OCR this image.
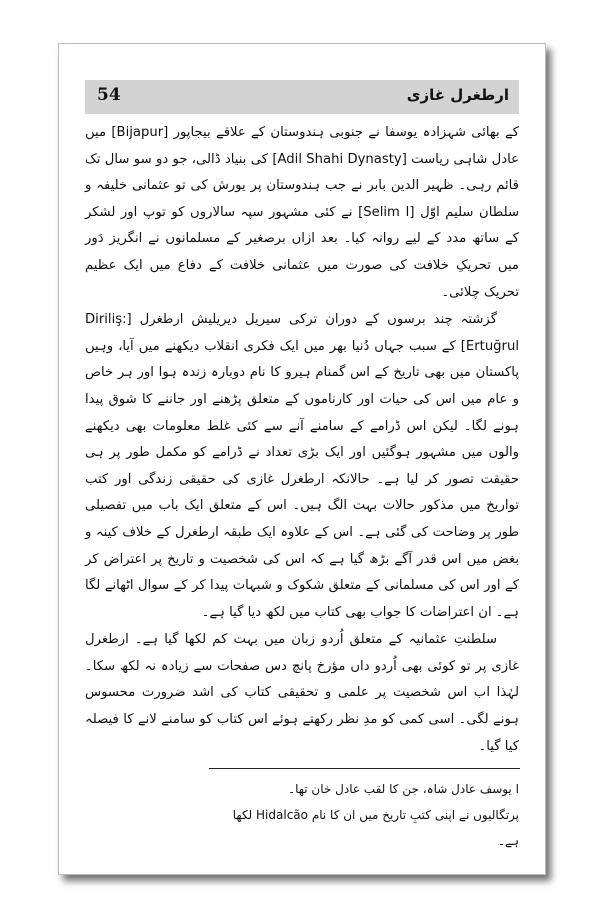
54	ارطغرل غازی

کے بھائی شہزادہ یوسفا نے جنوبی ہندوستان کے علاقے بیجاپور [Bijapur] میں عادل شاہی ریاست [Adil Shahi Dynasty] کی بنیاد ڈالی، جو دو سو سال تک قائم رہی۔ ظہیر الدین بابر نے جب ہندوستان پر یورش کی تو عثمانی خلیفہ و سلطان سلیم اوّل [Selim I] نے کئی مشہور سپہ سالاروں کو توپ اور لشکر کے ساتھ مدد کے لیے روانہ کیا۔ بعد ازاں برصغیر کے مسلمانوں نے انگریز دَور میں تحریکِ خلافت کی صورت میں عثمانی خلافت کے دفاع میں ایک عظیم تحریک چلائی۔

گزشتہ چند برسوں کے دوران ترکی سیریل دیریلیش ارطغرل [Diriliş: Ertuğrul] کے سبب جہاں دُنیا بھر میں ایک فکری انقلاب دیکھنے میں آیا، وہیں پاکستان میں بھی تاریخ کے اس گمنام ہیرو کا نام دوبارہ زندہ ہوا اور ہر خاص و عام میں اس کی حیات اور کارناموں کے متعلق پڑھنے اور جاننے کا شوق پیدا ہونے لگا۔ لیکن اس ڈرامے کے سامنے آنے سے کئی غلط معلومات بھی دیکھنے والوں میں مشہور ہوگئیں اور ایک بڑی تعداد نے ڈرامے کو مکمل طور پر ہی حقیقت تصور کر لیا ہے۔ حالانکہ ارطغرل غازی کی حقیقی زندگی اور کتب تواریخ میں مذکور حالات بہت الگ ہیں۔ اس کے متعلق ایک باب میں تفصیلی طور پر وضاحت کی گئی ہے۔ اس کے علاوہ ایک طبقہ ارطغرل کے خلاف کینہ و بغض میں اس قدر آگے بڑھ گیا ہے کہ اس کی شخصیت و تاریخ پر اعتراض کر کے اور اس کی مسلمانی کے متعلق شکوک و شبہات پیدا کر کے سوال اٹھانے لگا ہے۔ ان اعتراضات کا جواب بھی کتاب میں لکھ دیا گیا ہے۔

سلطنتِ عثمانیہ کے متعلق اُردو زبان میں بہت کم لکھا گیا ہے۔ ارطغرل غازی پر تو کوئی بھی اُردو داں مؤرخ پانچ دس صفحات سے زیادہ نہ لکھ سکا۔ لہٰذا اب اس شخصیت پر علمی و تحقیقی کتاب کی اشد ضرورت محسوس ہونے لگی۔ اسی کمی کو مدِ نظر رکھتے ہوئے اس کتاب کو سامنے لانے کا فیصلہ کیا گیا۔

ا یوسف عادل شاہ، جن کا لقب عادل خان تھا۔

پرتگالیوں نے اپنی کتبِ تاریخ میں ان کا نام Hidalcão لکھا ہے۔
